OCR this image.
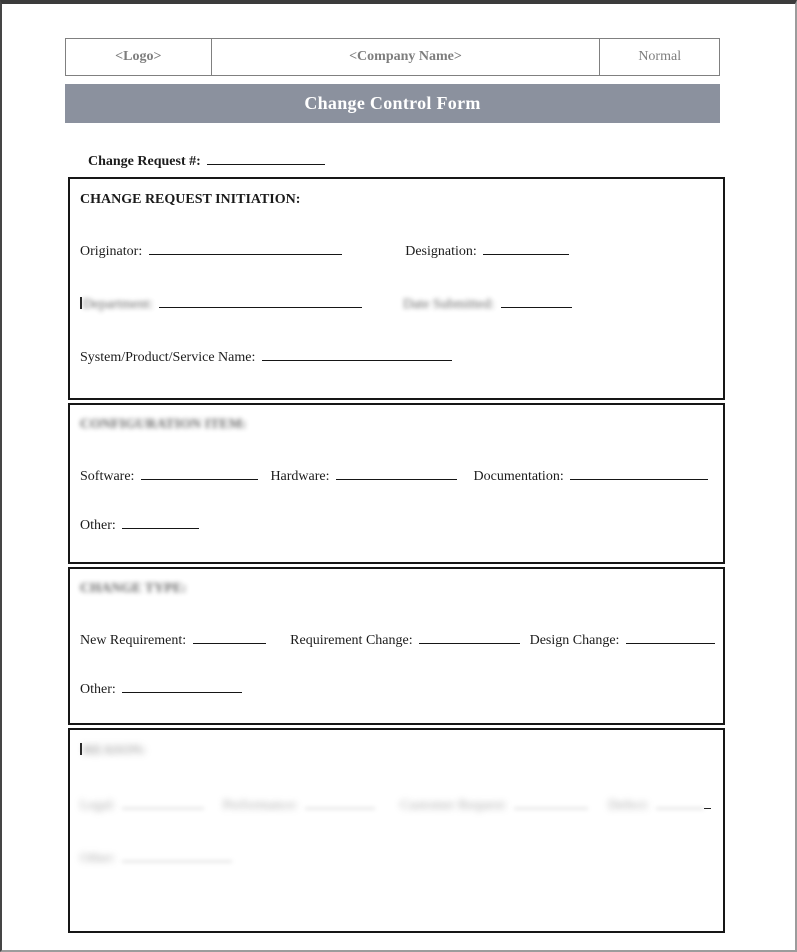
<Logo>	<Company Name>	Normal
Change Control Form
Change Request #:
CHANGE REQUEST INITIATION:
Originator:	Designation:
Department:	Date Submitted:
System/Product/Service Name:
CONFIGURATION ITEM:
Software:	Hardware:	Documentation:
Other:
CHANGE TYPE:
New Requirement:	Requirement Change:	Design Change:
Other:
REASON:
Legal:	Performance:	Customer Request:	Defect:
Other:
